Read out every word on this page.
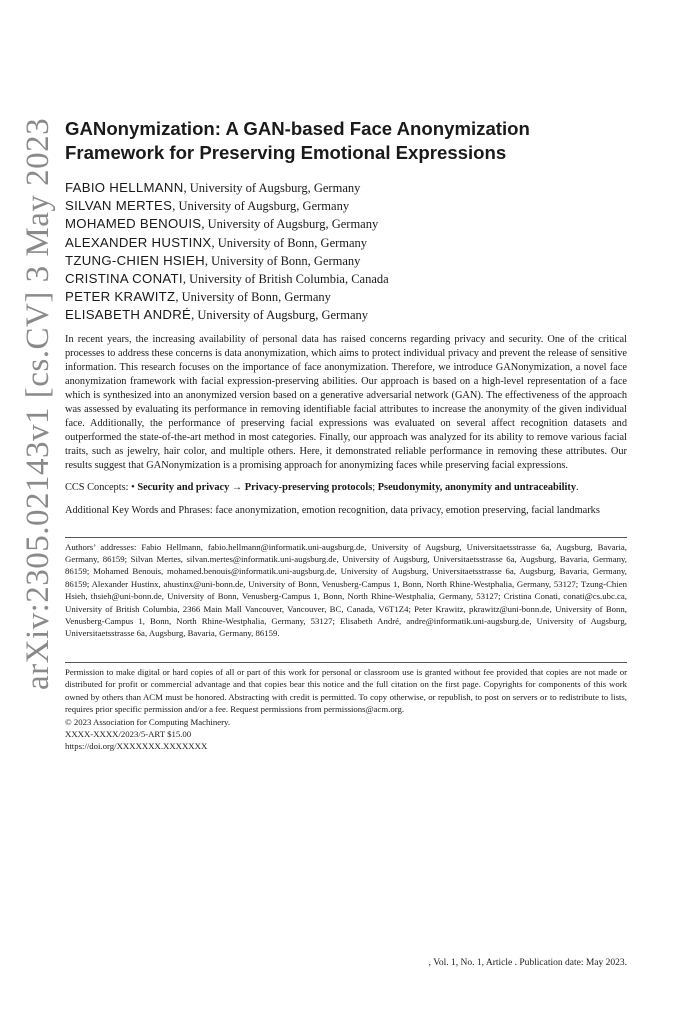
arXiv:2305.02143v1 [cs.CV] 3 May 2023 GANonymization: A GAN-based Face Anonymization Framework for Preserving Emotional Expressions
FABIO HELLMANN, University of Augsburg, Germany
SILVAN MERTES, University of Augsburg, Germany
MOHAMED BENOUIS, University of Augsburg, Germany
ALEXANDER HUSTINX, University of Bonn, Germany
TZUNG-CHIEN HSIEH, University of Bonn, Germany
CRISTINA CONATI, University of British Columbia, Canada
PETER KRAWITZ, University of Bonn, Germany
ELISABETH ANDRÉ, University of Augsburg, Germany
In recent years, the increasing availability of personal data has raised concerns regarding privacy and security. One of the critical processes to address these concerns is data anonymization, which aims to protect individual privacy and prevent the release of sensitive information. This research focuses on the importance of face anonymization. Therefore, we introduce GANonymization, a novel face anonymization framework with facial expression-preserving abilities. Our approach is based on a high-level representation of a face which is synthesized into an anonymized version based on a generative adversarial network (GAN). The effectiveness of the approach was assessed by evaluating its performance in removing identifiable facial attributes to increase the anonymity of the given individual face. Additionally, the performance of preserving facial expressions was evaluated on several affect recognition datasets and outperformed the state-of-the-art method in most categories. Finally, our approach was analyzed for its ability to remove various facial traits, such as jewelry, hair color, and multiple others. Here, it demonstrated reliable performance in removing these attributes. Our results suggest that GANonymization is a promising approach for anonymizing faces while preserving facial expressions.
CCS Concepts: • Security and privacy → Privacy-preserving protocols; Pseudonymity, anonymity and untraceability.
Additional Key Words and Phrases: face anonymization, emotion recognition, data privacy, emotion preserving, facial landmarks
Authors’ addresses: Fabio Hellmann, fabio.hellmann@informatik.uni-augsburg.de, University of Augsburg, Universitaetsstrasse 6a, Augsburg, Bavaria, Germany, 86159; Silvan Mertes, silvan.mertes@informatik.uni-augsburg.de, University of Augsburg, Universitaetsstrasse 6a, Augsburg, Bavaria, Germany, 86159; Mohamed Benouis, mohamed.benouis@informatik.uni-augsburg.de, University of Augsburg, Universitaetsstrasse 6a, Augsburg, Bavaria, Germany, 86159; Alexander Hustinx, ahustinx@uni-bonn.de, University of Bonn, Venusberg-Campus 1, Bonn, North Rhine-Westphalia, Germany, 53127; Tzung-Chien Hsieh, thsieh@uni-bonn.de, University of Bonn, Venusberg-Campus 1, Bonn, North Rhine-Westphalia, Germany, 53127; Cristina Conati, conati@cs.ubc.ca, University of British Columbia, 2366 Main Mall Vancouver, Vancouver, BC, Canada, V6T1Z4; Peter Krawitz, pkrawitz@uni-bonn.de, University of Bonn, Venusberg-Campus 1, Bonn, North Rhine-Westphalia, Germany, 53127; Elisabeth André, andre@informatik.uni-augsburg.de, University of Augsburg, Universitaetsstrasse 6a, Augsburg, Bavaria, Germany, 86159.
Permission to make digital or hard copies of all or part of this work for personal or classroom use is granted without fee provided that copies are not made or distributed for profit or commercial advantage and that copies bear this notice and the full citation on the first page. Copyrights for components of this work owned by others than ACM must be honored. Abstracting with credit is permitted. To copy otherwise, or republish, to post on servers or to redistribute to lists, requires prior specific permission and/or a fee. Request permissions from permissions@acm.org.
© 2023 Association for Computing Machinery.
XXXX-XXXX/2023/5-ART $15.00
https://doi.org/XXXXXXX.XXXXXXX
, Vol. 1, No. 1, Article . Publication date: May 2023.
